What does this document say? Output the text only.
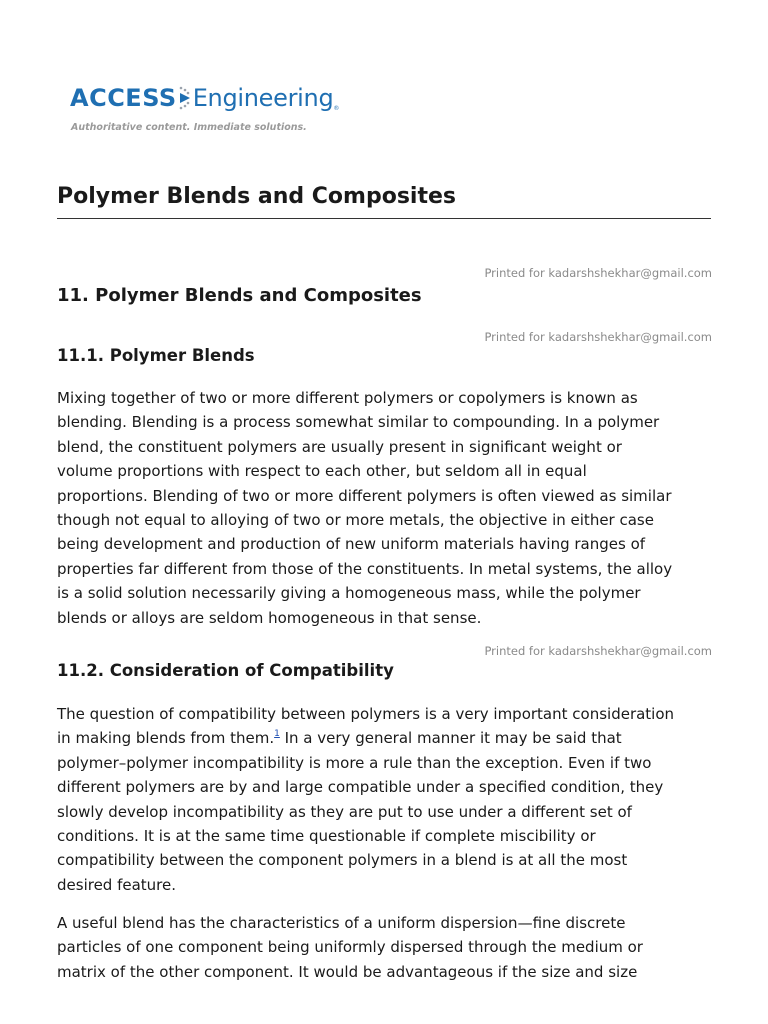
ACCESS Engineering®
Authoritative content. Immediate solutions.
Polymer Blends and Composites
Printed for kadarshshekhar@gmail.com
11. Polymer Blends and Composites
Printed for kadarshshekhar@gmail.com
11.1. Polymer Blends

Mixing together of two or more different polymers or copolymers is known as
blending. Blending is a process somewhat similar to compounding. In a polymer
blend, the constituent polymers are usually present in significant weight or
volume proportions with respect to each other, but seldom all in equal
proportions. Blending of two or more different polymers is often viewed as similar
though not equal to alloying of two or more metals, the objective in either case
being development and production of new uniform materials having ranges of
properties far different from those of the constituents. In metal systems, the alloy
is a solid solution necessarily giving a homogeneous mass, while the polymer
blends or alloys are seldom homogeneous in that sense.

Printed for kadarshshekhar@gmail.com
11.2. Consideration of Compatibility

The question of compatibility between polymers is a very important consideration
in making blends from them.$^1$ In a very general manner it may be said that
polymer–polymer incompatibility is more a rule than the exception. Even if two
different polymers are by and large compatible under a specified condition, they
slowly develop incompatibility as they are put to use under a different set of
conditions. It is at the same time questionable if complete miscibility or
compatibility between the component polymers in a blend is at all the most
desired feature.

A useful blend has the characteristics of a uniform dispersion—fine discrete
particles of one component being uniformly dispersed through the medium or
matrix of the other component. It would be advantageous if the size and size
